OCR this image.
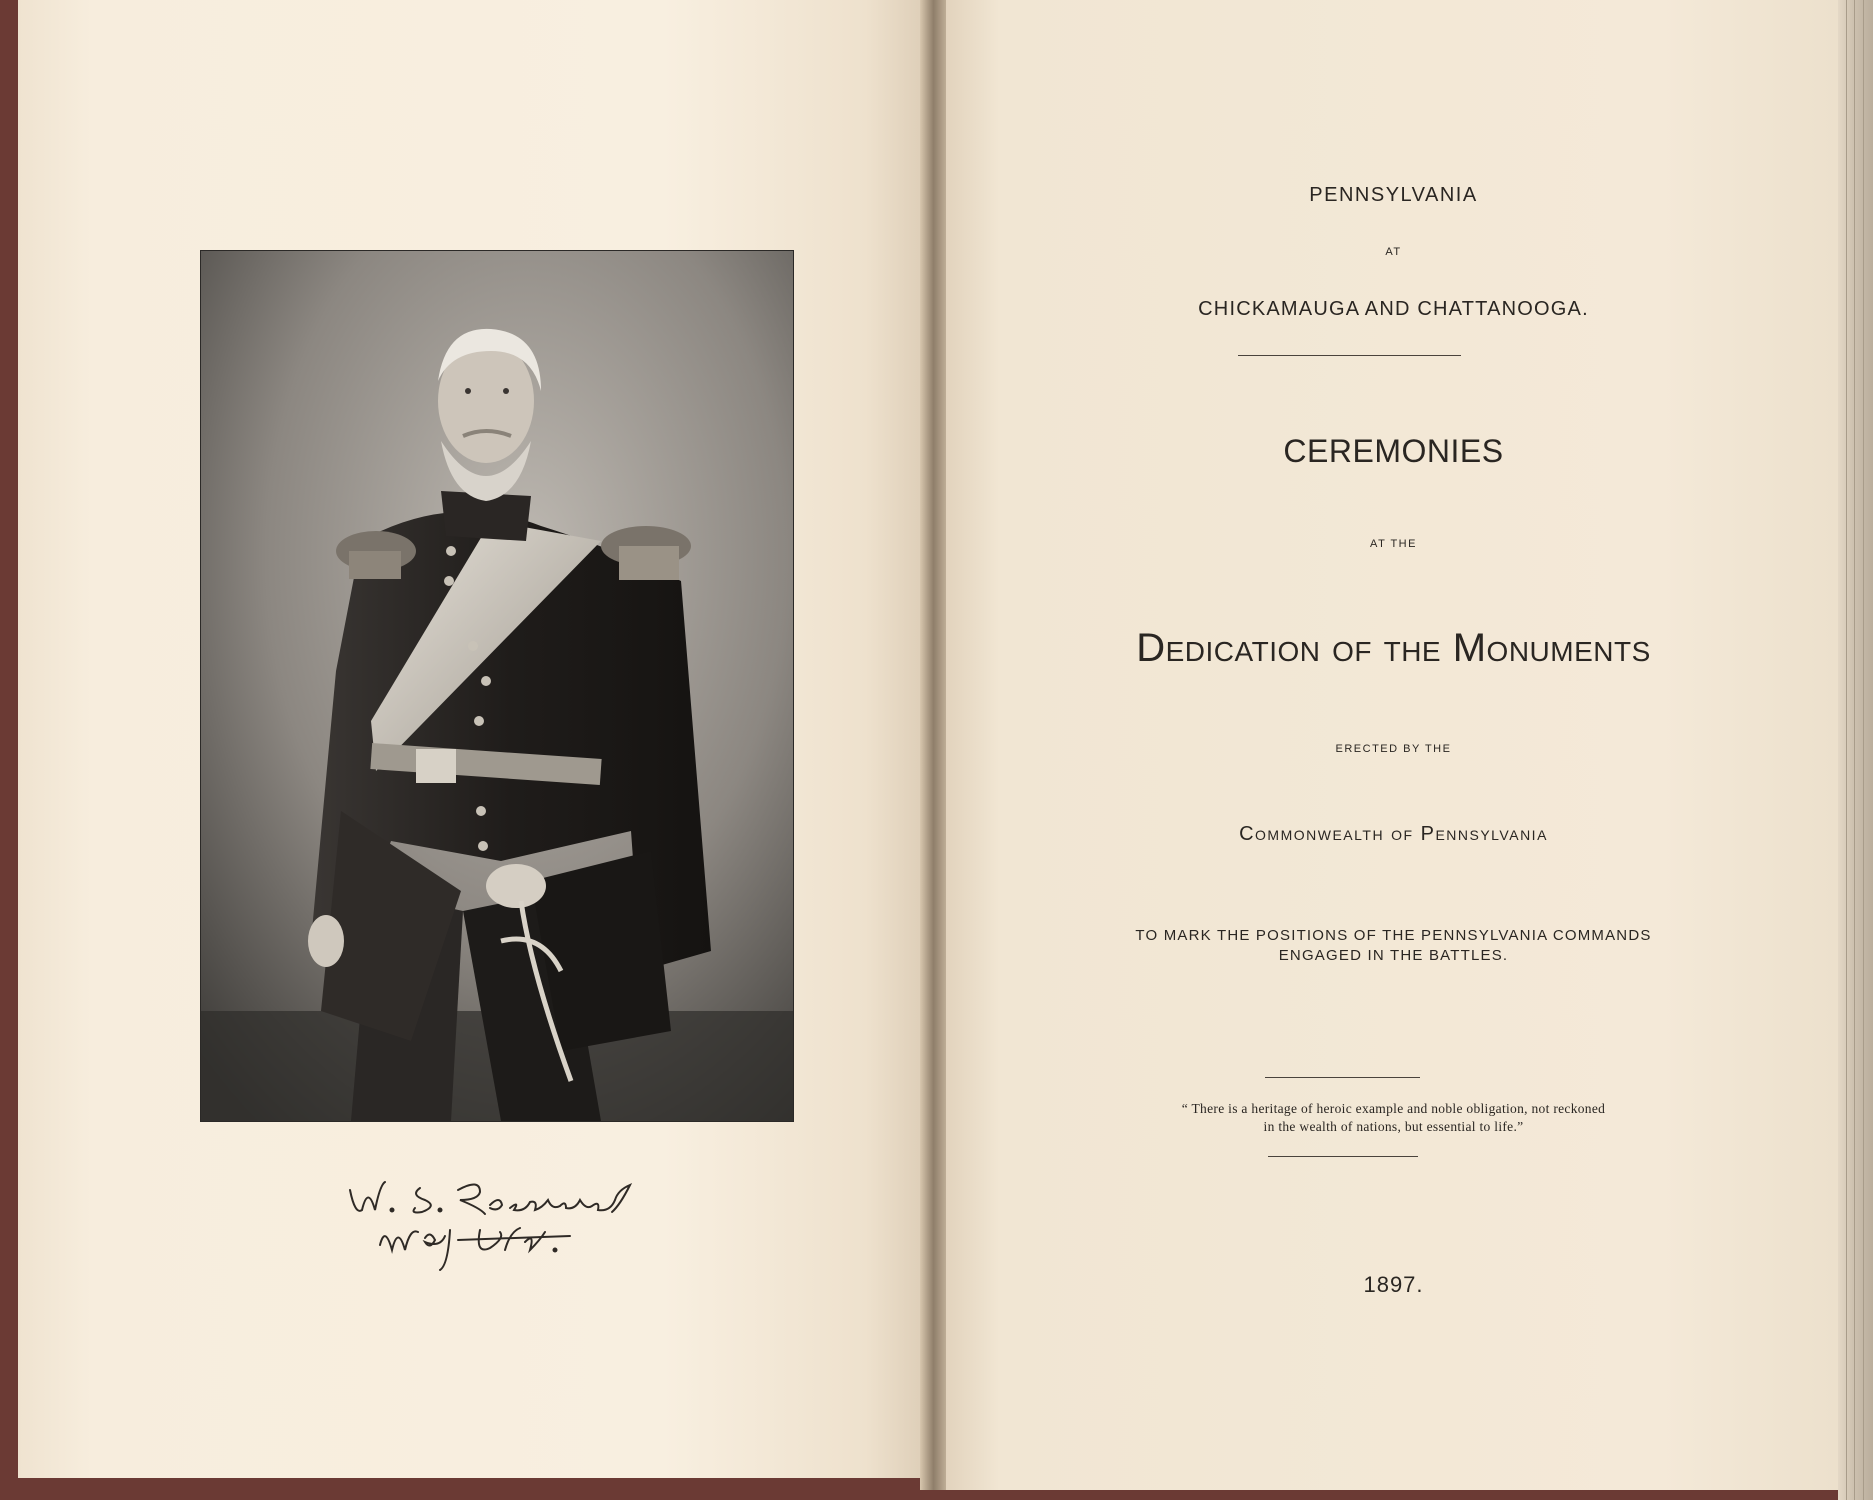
PENNSYLVANIA

AT

CHICKAMAUGA AND CHATTANOOGA.

CEREMONIES

AT THE

Dedication of the Monuments

ERECTED BY THE

Commonwealth of Pennsylvania

TO MARK THE POSITIONS OF THE PENNSYLVANIA COMMANDS
ENGAGED IN THE BATTLES.
“ There is a heritage of heroic example and noble obligation, not reckoned
in the wealth of nations, but essential to life.”

1897.
